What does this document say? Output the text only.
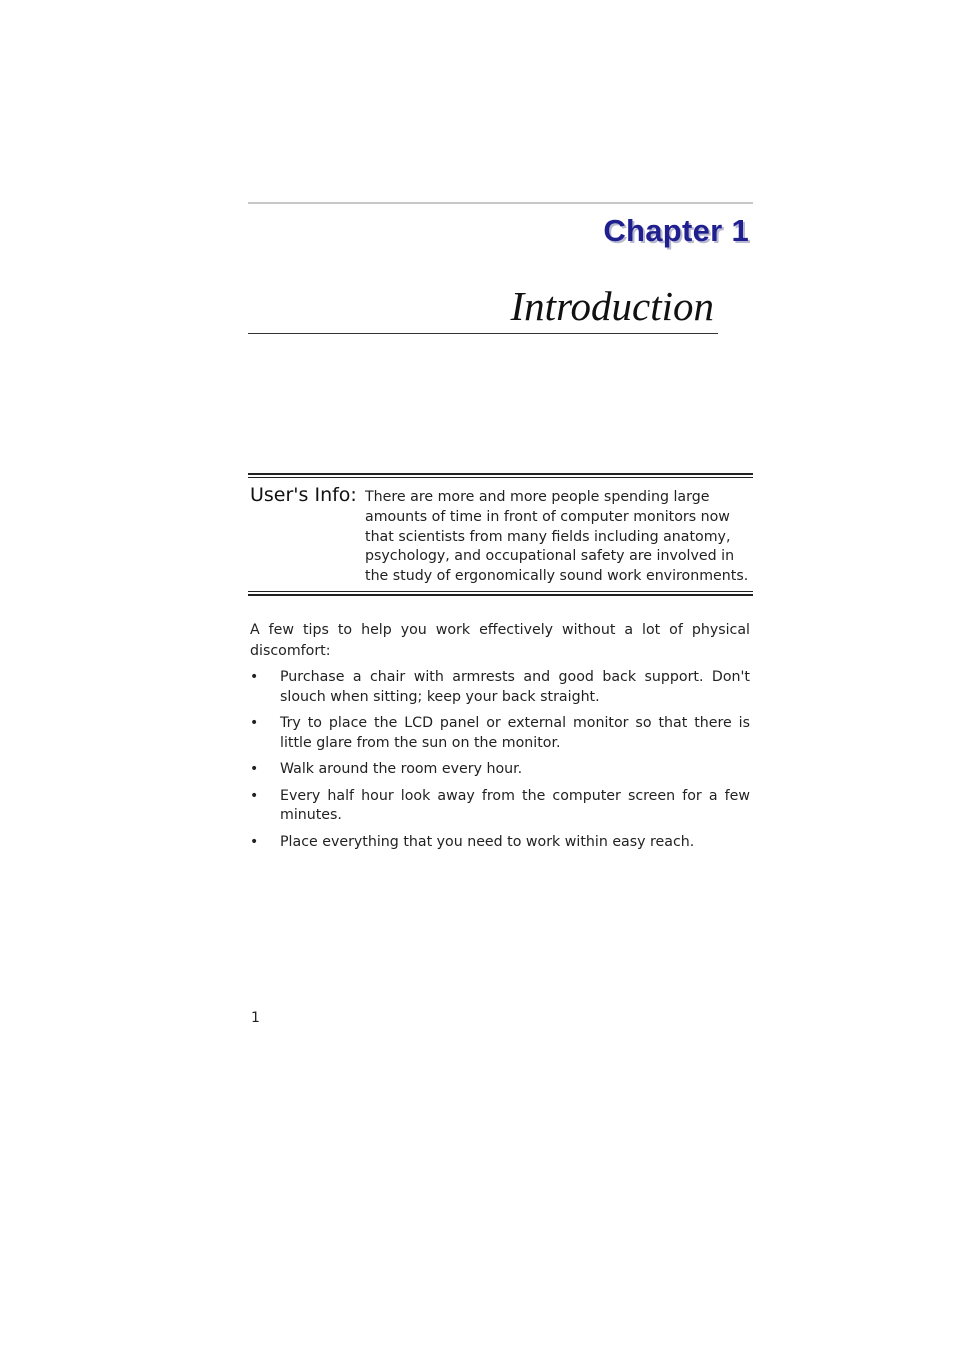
Chapter 1
Introduction
User's Info: There are more and more people spending large amounts of time in front of computer monitors now that scientists from many fields including anatomy, psychology, and occupational safety are involved in the study of ergonomically sound work environments.
A few tips to help you work effectively without a lot of physical discomfort:
• Purchase a chair with armrests and good back support. Don't slouch when sitting; keep your back straight.
• Try to place the LCD panel or external monitor so that there is little glare from the sun on the monitor.
• Walk around the room every hour.
• Every half hour look away from the computer screen for a few minutes.
• Place everything that you need to work within easy reach.
1
